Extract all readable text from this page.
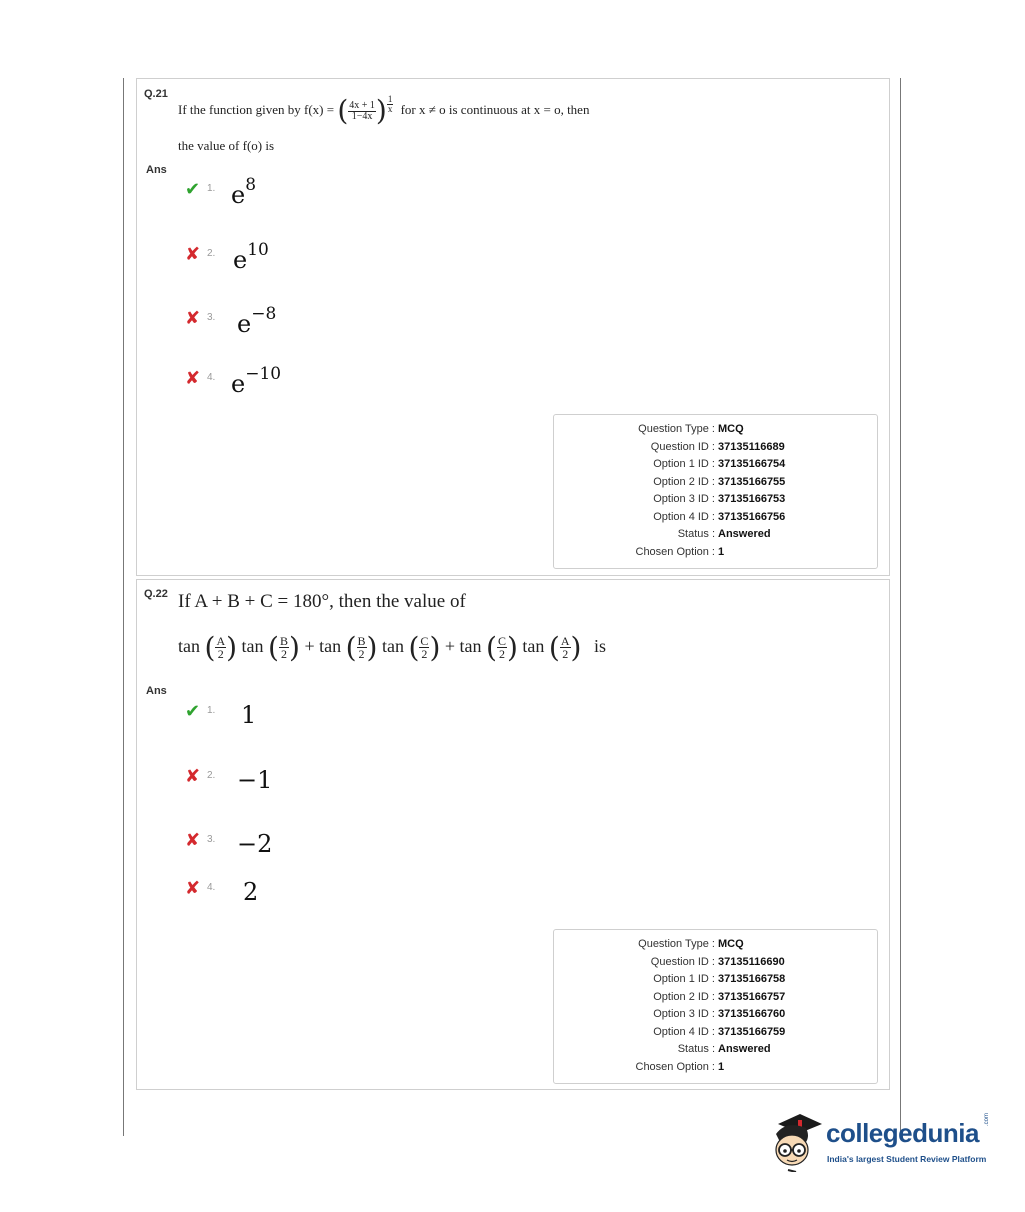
Q.21
If the function given by f(x) = ( $\frac{4x + 1}{1-4x}$ ) $\frac{1}{x}$ for x ≠ o is continuous at x = o, then
the value of f(o) is
Ans
✔ 1. $e^8$
✘ 2. $e^{10}$
✘ 3. $e^{-8}$
✘ 4. $e^{-10}$
Question Type : MCQ
Question ID : 37135116689
Option 1 ID : 37135166754
Option 2 ID : 37135166755
Option 3 ID : 37135166753
Option 4 ID : 37135166756
Status : Answered
Chosen Option : 1
Q.22 If A + B + C = 180°, then the value of
tan ( $\frac{A}{2}$ ) tan ( $\frac{B}{2}$ ) + tan ( $\frac{B}{2}$ ) tan ( $\frac{C}{2}$ ) + tan ( $\frac{C}{2}$ ) tan ( $\frac{A}{2}$ ) is
Ans
✔ 1. 1
✘ 2. −1
✘ 3. −2
✘ 4. 2
Question Type : MCQ
Question ID : 37135116690
Option 1 ID : 37135166758
Option 2 ID : 37135166757
Option 3 ID : 37135166760
Option 4 ID : 37135166759
Status : Answered
Chosen Option : 1
collegedunia .com
India's largest Student Review Platform
